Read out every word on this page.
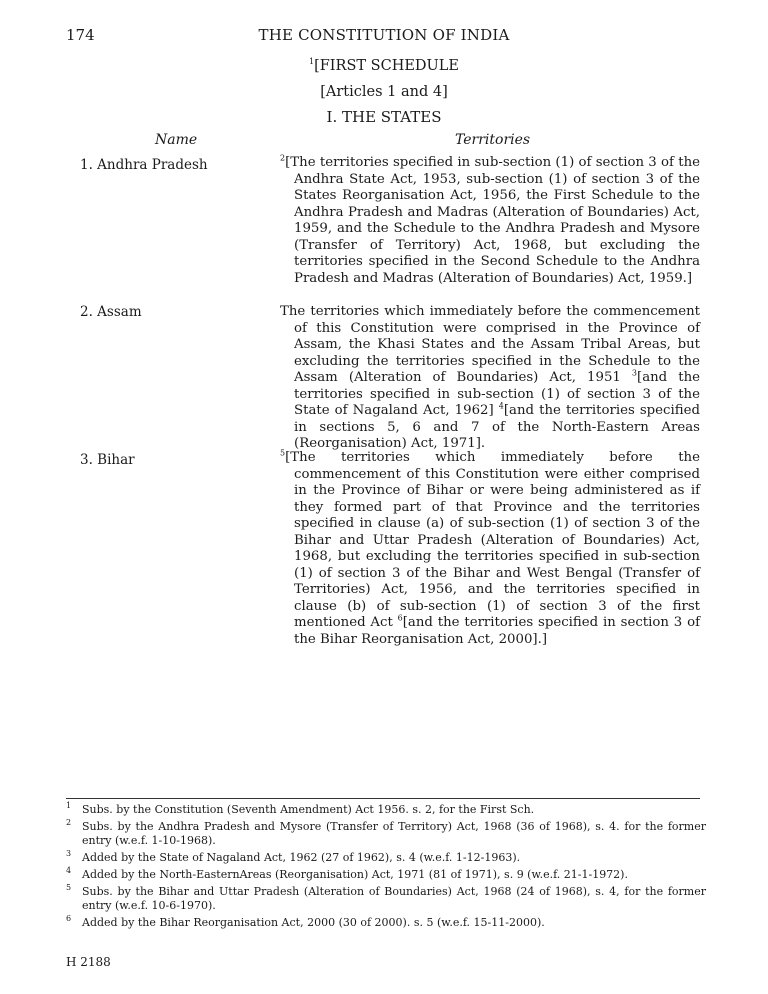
174	THE CONSTITUTION OF INDIA
$^1$[FIRST SCHEDULE
[Articles 1 and 4]
I. THE STATES
Name	Territories
1. Andhra Pradesh	$^2$[The territories specified in sub-section (1) of section 3 of the Andhra State Act, 1953, sub-section (1) of section 3 of the States Reorganisation Act, 1956, the First Schedule to the Andhra Pradesh and Madras (Alteration of Boundaries) Act, 1959, and the Schedule to the Andhra Pradesh and Mysore (Transfer of Territory) Act, 1968, but excluding the territories specified in the Second Schedule to the Andhra Pradesh and Madras (Alteration of Boundaries) Act, 1959.]
2. Assam	The territories which immediately before the commencement of this Constitution were comprised in the Province of Assam, the Khasi States and the Assam Tribal Areas, but excluding the territories specified in the Schedule to the Assam (Alteration of Boundaries) Act, 1951 $^3$[and the territories specified in sub-section (1) of section 3 of the State of Nagaland Act, 1962] $^4$[and the territories specified in sections 5, 6 and 7 of the North-Eastern Areas (Reorganisation) Act, 1971].
3. Bihar	$^5$[The territories which immediately before the commencement of this Constitution were either comprised in the Province of Bihar or were being administered as if they formed part of that Province and the territories specified in clause (a) of sub-section (1) of section 3 of the Bihar and Uttar Pradesh (Alteration of Boundaries) Act, 1968, but excluding the territories specified in sub-section (1) of section 3 of the Bihar and West Bengal (Transfer of Territories) Act, 1956, and the territories specified in clause (b) of sub-section (1) of section 3 of the first mentioned Act $^6$[and the territories specified in section 3 of the Bihar Reorganisation Act, 2000].]
1 Subs. by the Constitution (Seventh Amendment) Act 1956. s. 2, for the First Sch.
2 Subs. by the Andhra Pradesh and Mysore (Transfer of Territory) Act, 1968 (36 of 1968), s. 4. for the former entry (w.e.f. 1-10-1968).
3 Added by the State of Nagaland Act, 1962 (27 of 1962), s. 4 (w.e.f. 1-12-1963).
4 Added by the North-EasternAreas (Reorganisation) Act, 1971 (81 of 1971), s. 9 (w.e.f. 21-1-1972).
5 Subs. by the Bihar and Uttar Pradesh (Alteration of Boundaries) Act, 1968 (24 of 1968), s. 4, for the former entry (w.e.f. 10-6-1970).
6 Added by the Bihar Reorganisation Act, 2000 (30 of 2000). s. 5 (w.e.f. 15-11-2000).
H 2188
